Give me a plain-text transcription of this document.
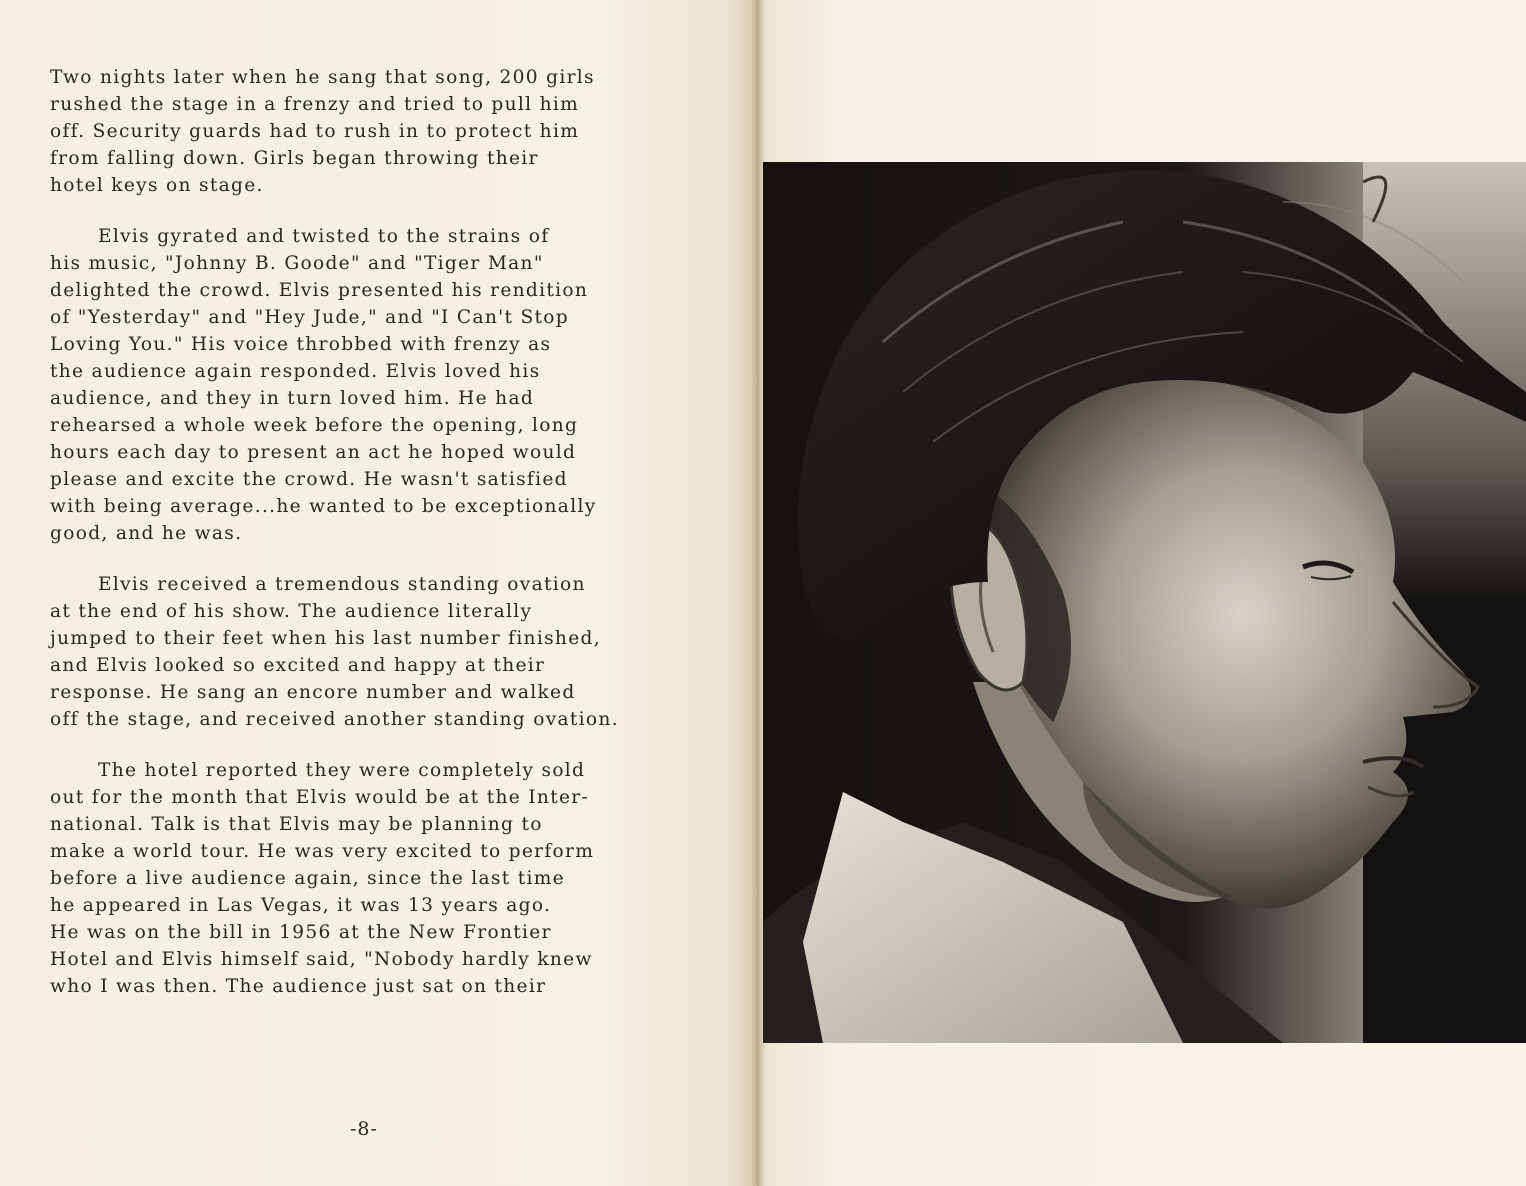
Two nights later when he sang that song, 200 girls
rushed the stage in a frenzy and tried to pull him
off. Security guards had to rush in to protect him
from falling down. Girls began throwing their
hotel keys on stage.

Elvis gyrated and twisted to the strains of
his music, "Johnny B. Goode" and "Tiger Man"
delighted the crowd. Elvis presented his rendition
of "Yesterday" and "Hey Jude," and "I Can't Stop
Loving You." His voice throbbed with frenzy as
the audience again responded. Elvis loved his
audience, and they in turn loved him. He had
rehearsed a whole week before the opening, long
hours each day to present an act he hoped would
please and excite the crowd. He wasn't satisfied
with being average...he wanted to be exceptionally
good, and he was.

Elvis received a tremendous standing ovation
at the end of his show. The audience literally
jumped to their feet when his last number finished,
and Elvis looked so excited and happy at their
response. He sang an encore number and walked
off the stage, and received another standing ovation.

The hotel reported they were completely sold
out for the month that Elvis would be at the Inter-
national. Talk is that Elvis may be planning to
make a world tour. He was very excited to perform
before a live audience again, since the last time
he appeared in Las Vegas, it was 13 years ago.
He was on the bill in 1956 at the New Frontier
Hotel and Elvis himself said, "Nobody hardly knew
who I was then. The audience just sat on their

-8-
